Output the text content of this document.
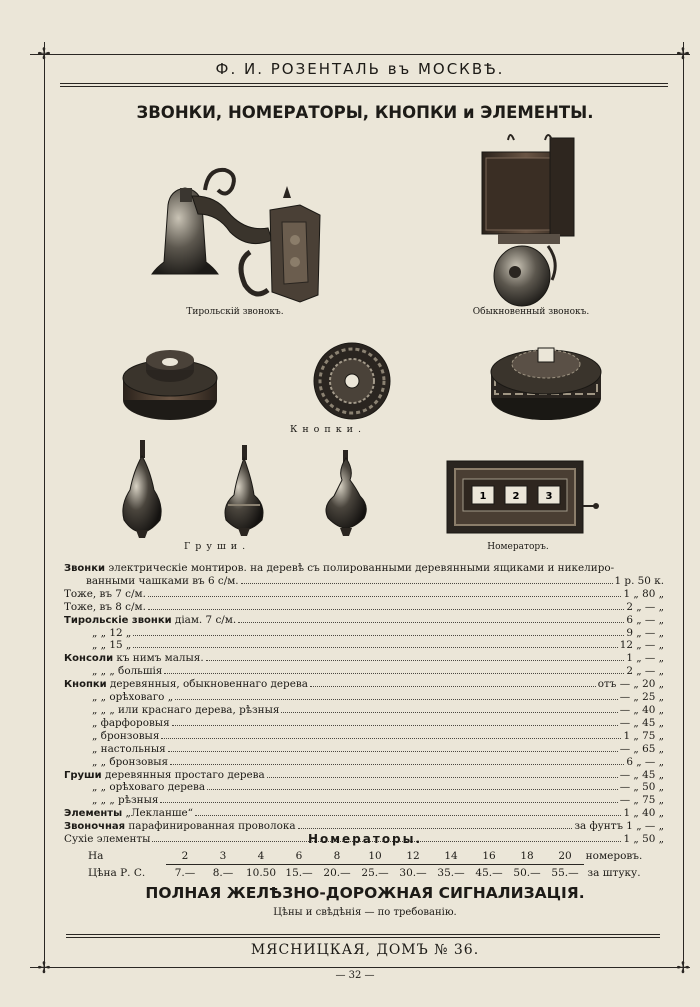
✢	✢
✢	✢
Ф. И. РОЗЕНТАЛЬ въ МОСКВѢ.
ЗВОНКИ, НОМЕРАТОРЫ, КНОПКИ и ЭЛЕМЕНТЫ.
1	2	3
Тирольскій звонокъ.	Обыкновенный звонокъ.
Кнопки.
Груши.	Номераторъ.
Звонки электрическіе монтиров. на деревѣ съ полированными деревянными ящиками и никелиро-
ванными чашками въ 6 с/м.	1 р. 50 к.
Тоже, въ 7 с/м.	1 „ 80 „
Тоже, въ 8 с/м.	2 „ — „
Тирольскіе звонки діам. 7 с/м.	6 „ — „
„ „ 12 „	9 „ — „
„ „ 15 „	12 „ — „
Консоли къ нимъ малыя.	1 „ — „
„ „ „ большія	2 „ — „
Кнопки деревянныя, обыкновеннаго дерева	отъ — „ 20 „
„ „ орѣховаго „	— „ 25 „
„ „ „ или краснаго дерева, рѣзныя	— „ 40 „
„ фарфоровыя	— „ 45 „
„ бронзовыя	1 „ 75 „
„ настольныя	— „ 65 „
„ „ бронзовыя	6 „ — „
Груши деревянныя простаго дерева	— „ 45 „
„ „ орѣховаго дерева	— „ 50 „
„ „ „ рѣзныя	— „ 75 „
Элементы „Лекланше“	1 „ 40 „
Звоночная парафинированная проволока	за фунтъ 1 „ — „
Сухіе элементы	1 „ 50 „
Номераторы.
На	2	3	4	6	8	10	12	14	16	18	20	номеровъ.
Цѣна Р. С.	7.—	8.—	10.50	15.—	20.—	25.—	30.—	35.—	45.—	50.—	55.—	за штуку.
ПОЛНАЯ ЖЕЛѢЗНО-ДОРОЖНАЯ СИГНАЛИЗАЦІЯ.
Цѣны и свѣдѣнія — по требованію.
МЯСНИЦКАЯ, ДОМЪ № 36.
— 32 —
